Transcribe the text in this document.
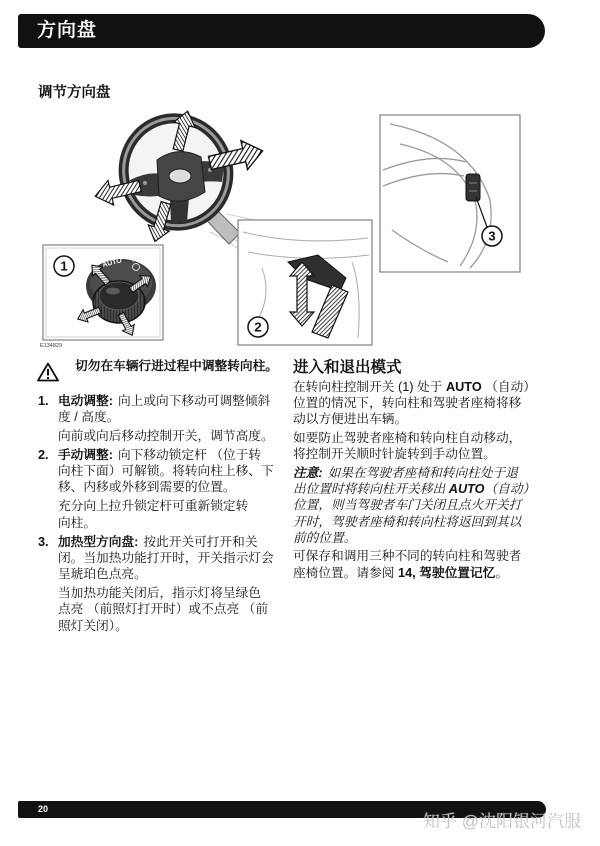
方向盘
调节方向盘
AUTO
1
2
3
E134829
切勿在车辆行进过程中调整转向柱。
1. 电动调整: 向上或向下移动可调整倾斜
度 / 高度。
向前或向后移动控制开关，调节高度。
2. 手动调整: 向下移动锁定杆 （位于转
向柱下面）可解锁。将转向柱上移、下
移、内移或外移到需要的位置。
充分向上拉升锁定杆可重新锁定转
向柱。
3. 加热型方向盘: 按此开关可打开和关
闭。当加热功能打开时，开关指示灯会
呈琥珀色点亮。
当加热功能关闭后，指示灯将呈绿色
点亮 （前照灯打开时）或不点亮 （前
照灯关闭）。
进入和退出模式
在转向柱控制开关 (1) 处于 AUTO （自动）
位置的情况下，转向柱和驾驶者座椅将移
动以方便进出车辆。
如要防止驾驶者座椅和转向柱自动移动，
将控制开关顺时针旋转到手动位置。
注意: 如果在驾驶者座椅和转向柱处于退
出位置时将转向柱开关移出 AUTO（自动）
位置，则当驾驶者车门关闭且点火开关打
开时，驾驶者座椅和转向柱将返回到其以
前的位置。
可保存和调用三种不同的转向柱和驾驶者
座椅位置。请参阅 14, 驾驶位置记忆。
20
知乎 @沈阳银河汽服
